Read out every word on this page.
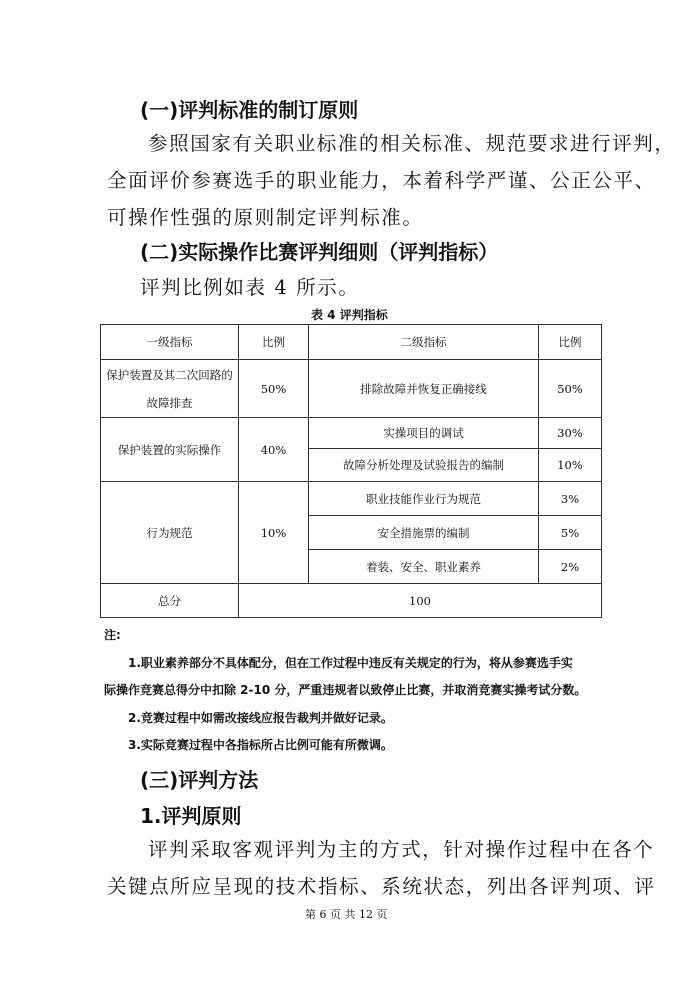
(一)评判标准的制订原则
参照国家有关职业标准的相关标准、规范要求进行评判，
全面评价参赛选手的职业能力，本着科学严谨、公正公平、
可操作性强的原则制定评判标准。
(二)实际操作比赛评判细则（评判指标）
评判比例如表 4 所示。
表 4 评判指标
一级指标	比例	二级指标	比例
保护装置及其二次回路的故障排查	50%	排除故障并恢复正确接线	50%
保护装置的实际操作	40%	实操项目的调试	30%
		故障分析处理及试验报告的编制	10%
行为规范	10%	职业技能作业行为规范	3%
		安全措施票的编制	5%
		着装、安全、职业素养	2%
总分	100		
注:
1.职业素养部分不具体配分，但在工作过程中违反有关规定的行为，将从参赛选手实
际操作竞赛总得分中扣除 2-10 分，严重违规者以致停止比赛，并取消竞赛实操考试分数。
2.竞赛过程中如需改接线应报告裁判并做好记录。
3.实际竞赛过程中各指标所占比例可能有所微调。
(三)评判方法
1.评判原则
评判采取客观评判为主的方式，针对操作过程中在各个
关键点所应呈现的技术指标、系统状态，列出各评判项、评
第 6 页 共 12 页
